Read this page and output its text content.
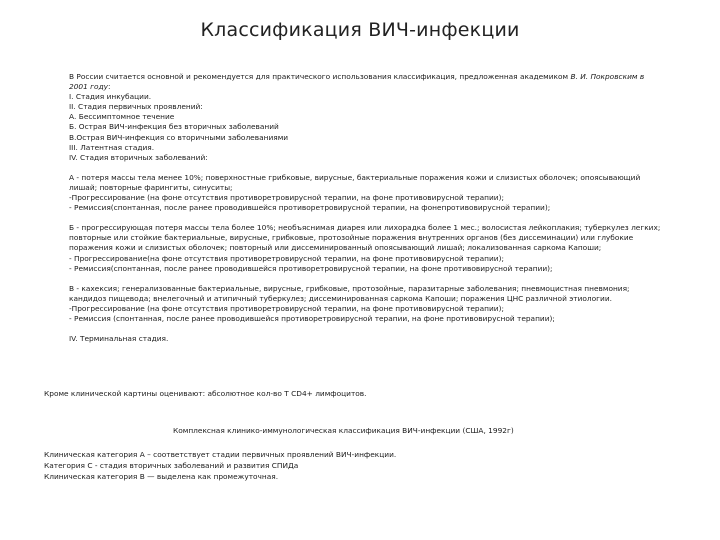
Классификация ВИЧ-инфекции

В России считается основной и рекомендуется для практического использования классификация, предложенная академиком В. И. Покровским в 2001 году:

I. Стадия инкубации.

II. Стадия первичных проявлений:

А. Бессимптомное течение

Б. Острая ВИЧ-инфекция без вторичных заболеваний

В.Острая ВИЧ-инфекция со вторичными заболеваниями

III. Латентная стадия.

IV. Стадия вторичных заболеваний:

А - потеря массы тела менее 10%; поверхностные грибковые, вирусные, бактериальные поражения кожи и слизистых оболочек; опоясывающий лишай; повторные фарингиты, синуситы;

-Прогрессирование (на фоне отсутствия противоретровирусной терапии, на фоне противовирусной терапии);

- Ремиссия(спонтанная, после ранее проводившейся противоретровирусной терапии, на фонепротивовирусной терапии);

Б - прогрессирующая потеря массы тела более 10%; необъяснимая диарея или лихорадка более 1 мес.; волосистая лейкоплакия; туберкулез легких; повторные или стойкие бактериальные, вирусные, грибковые, протозойные поражения внутренних органов (без диссеминации) или глубокие поражения кожи и слизистых оболочек; повторный или диссеминированный опоясывающий лишай; локализованная саркома Капоши;

- Прогрессирование(на фоне отсутствия противоретровирусной терапии, на фоне противовирусной терапии);

- Ремиссия(спонтанная, после ранее проводившейся противоретровирусной терапии, на фоне противовирусной терапии);

В - кахексия; генерализованные бактериальные, вирусные, грибковые, протозойные, паразитарные заболевания; пневмоцистная пневмония; кандидоз пищевода; внелегочный и атипичный туберкулез; диссеминированная саркома Капоши; поражения ЦНС различной этиологии.

-Прогрессирование (на фоне отсутствия противоретровирусной терапии, на фоне противовирусной терапии);

- Ремиссия (спонтанная, после ранее проводившейся противоретровирусной терапии, на фоне противовирусной терапии);

IV. Терминальная стадия.

Кроме клинической картины оценивают: абсолютное кол-во Т CD4+ лимфоцитов.
Комплексная клинико-иммунологическая классификация ВИЧ-инфекции (США, 1992г)

Клиническая категория А – соответствует стадии первичных проявлений ВИЧ-инфекции.

Категория С - стадия вторичных заболеваний и развития СПИДа

Клиническая категория В — выделена как промежуточная.
